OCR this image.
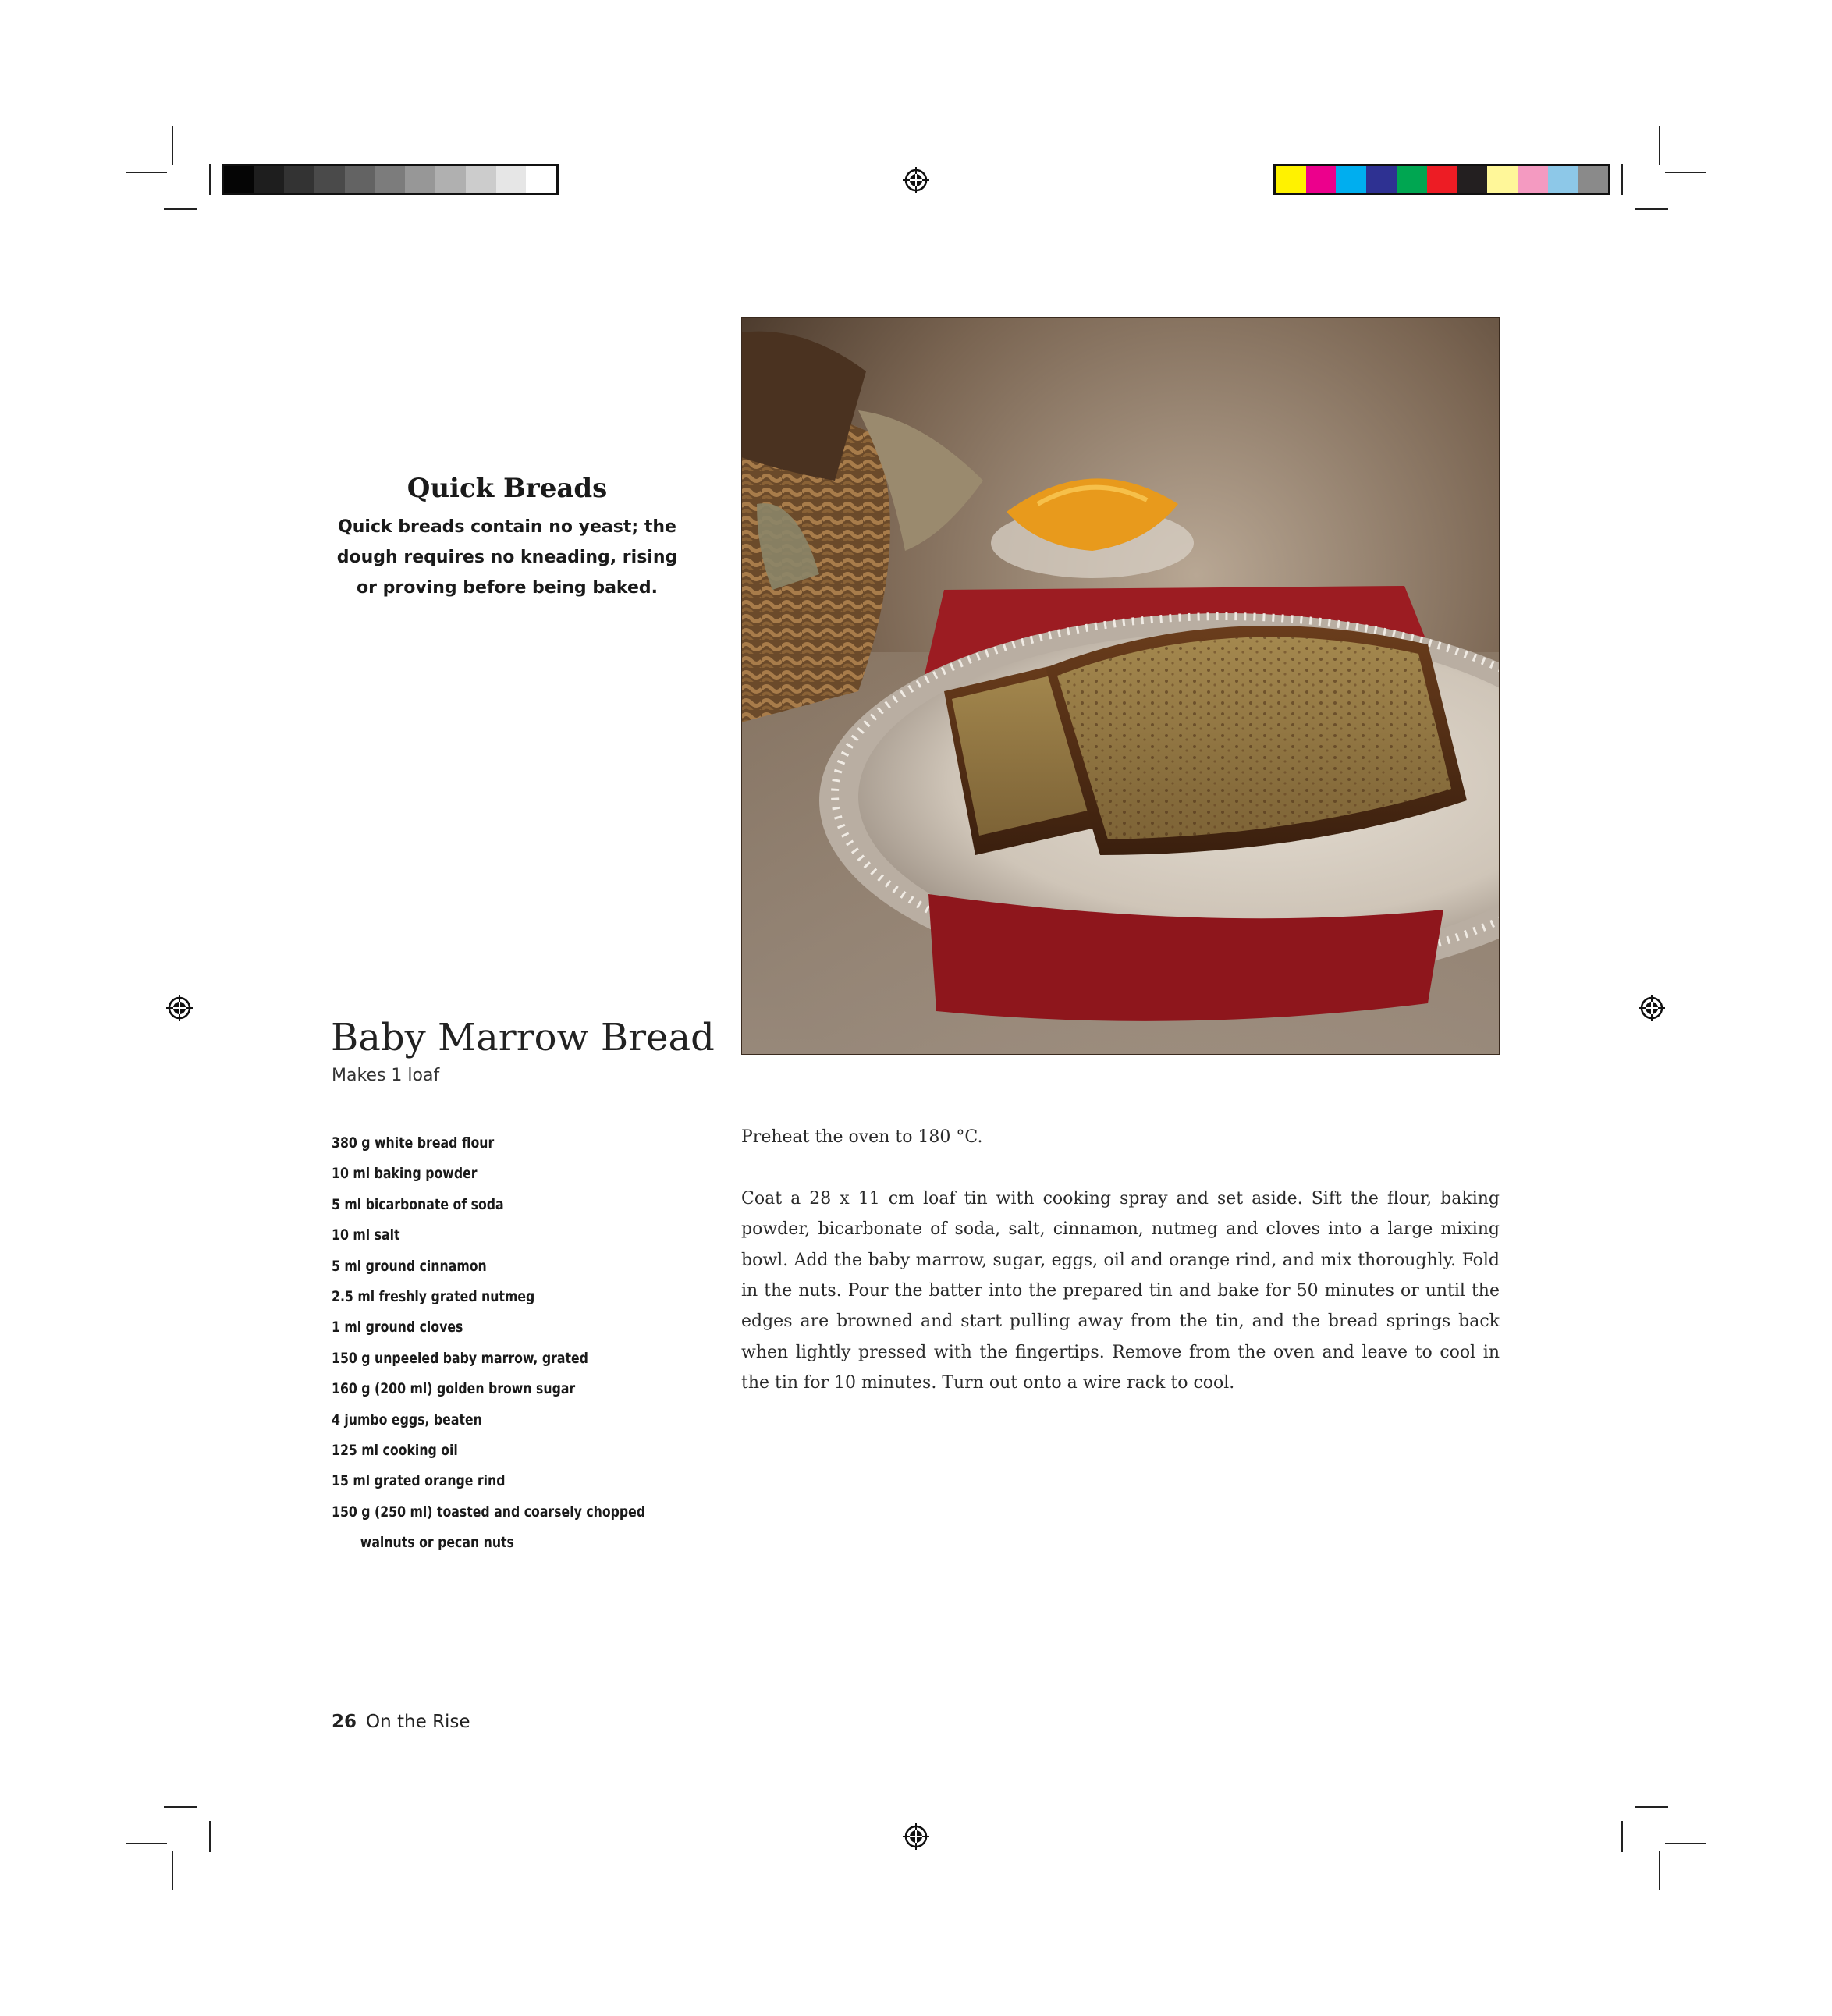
Quick Breads
Quick breads contain no yeast; the dough requires no kneading, rising or proving before being baked.
Baby Marrow Bread
Makes 1 loaf
380 g white bread flour
10 ml baking powder
5 ml bicarbonate of soda
10 ml salt
5 ml ground cinnamon
2.5 ml freshly grated nutmeg
1 ml ground cloves
150 g unpeeled baby marrow, grated
160 g (200 ml) golden brown sugar
4 jumbo eggs, beaten
125 ml cooking oil
15 ml grated orange rind
150 g (250 ml) toasted and coarsely chopped
walnuts or pecan nuts

Preheat the oven to 180 °C.

Coat a 28 x 11 cm loaf tin with cooking spray and set aside. Sift the flour, baking powder, bicarbonate of soda, salt, cinnamon, nutmeg and cloves into a large mixing bowl. Add the baby marrow, sugar, eggs, oil and orange rind, and mix thoroughly. Fold in the nuts. Pour the batter into the prepared tin and bake for 50 minutes or until the edges are browned and start pulling away from the tin, and the bread springs back when lightly pressed with the fingertips. Remove from the oven and leave to cool in the tin for 10 minutes. Turn out onto a wire rack to cool.

26 On the Rise
